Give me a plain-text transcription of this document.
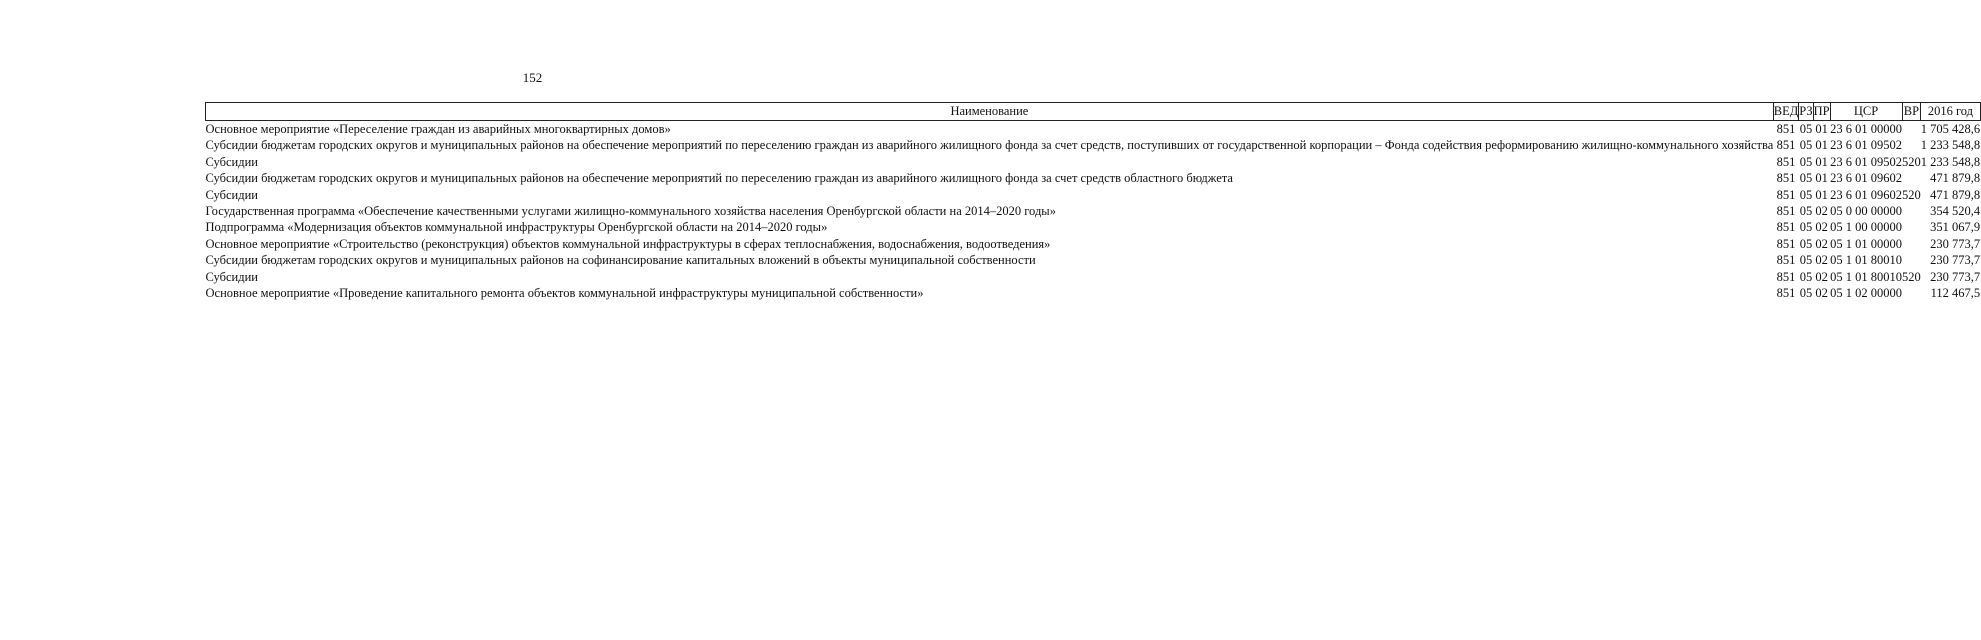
152
Наименование	ВЕД	РЗ	ПР	ЦСР	ВР	2016 год
Основное мероприятие «Переселение граждан из аварийных многоквартирных домов»	851	05	01	23 6 01 00000		1 705 428,6
Субсидии бюджетам городских округов и муниципальных районов на обеспечение мероприятий по переселению граждан из аварийного жилищного фонда за счет средств, поступивших от государственной корпорации – Фонда содействия реформированию жилищно-коммунального хозяйства	851	05	01	23 6 01 09502		1 233 548,8
Субсидии	851	05	01	23 6 01 09502	520	1 233 548,8
Субсидии бюджетам городских округов и муниципальных районов на обеспечение мероприятий по переселению граждан из аварийного жилищного фонда за счет средств областного бюджета	851	05	01	23 6 01 09602		471 879,8
Субсидии	851	05	01	23 6 01 09602	520	471 879,8
Государственная программа «Обеспечение качественными услугами жилищно-коммунального хозяйства населения Оренбургской области на 2014–2020 годы»	851	05	02	05 0 00 00000		354 520,4
Подпрограмма «Модернизация объектов коммунальной инфраструктуры Оренбургской области на 2014–2020 годы»	851	05	02	05 1 00 00000		351 067,9
Основное мероприятие «Строительство (реконструкция) объектов коммунальной инфраструктуры в сферах теплоснабжения, водоснабжения, водоотведения»	851	05	02	05 1 01 00000		230 773,7
Субсидии бюджетам городских округов и муниципальных районов на софинансирование капитальных вложений в объекты муниципальной собственности	851	05	02	05 1 01 80010		230 773,7
Субсидии	851	05	02	05 1 01 80010	520	230 773,7
Основное мероприятие «Проведение капитального ремонта объектов коммунальной инфраструктуры муниципальной собственности»	851	05	02	05 1 02 00000		112 467,5
